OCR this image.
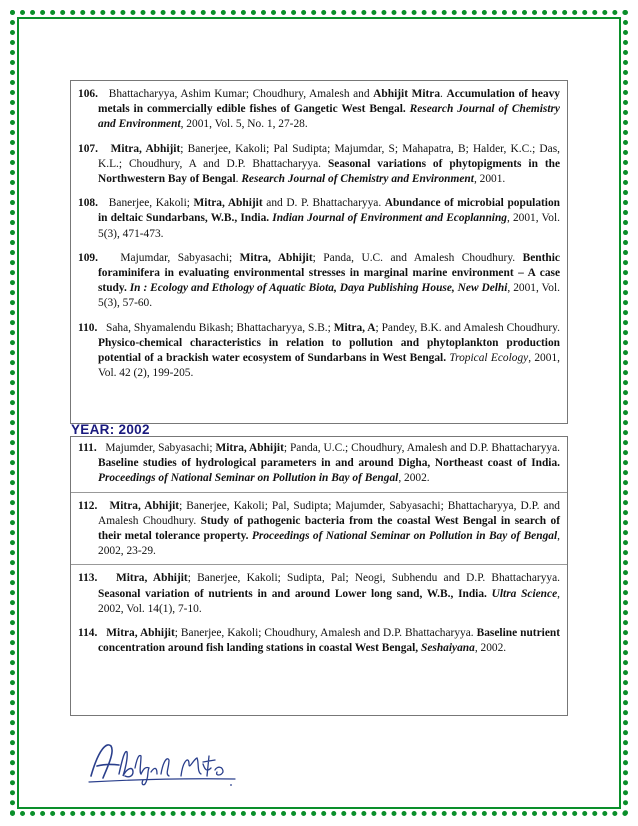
106. Bhattacharyya, Ashim Kumar; Choudhury, Amalesh and Abhijit Mitra. Accumulation of heavy metals in commercially edible fishes of Gangetic West Bengal. Research Journal of Chemistry and Environment, 2001, Vol. 5, No. 1, 27-28.
107. Mitra, Abhijit; Banerjee, Kakoli; Pal Sudipta; Majumdar, S; Mahapatra, B; Halder, K.C.; Das, K.L.; Choudhury, A and D.P. Bhattacharyya. Seasonal variations of phytopigments in the Northwestern Bay of Bengal. Research Journal of Chemistry and Environment, 2001.
108. Banerjee, Kakoli; Mitra, Abhijit and D. P. Bhattacharyya. Abundance of microbial population in deltaic Sundarbans, W.B., India. Indian Journal of Environment and Ecoplanning, 2001, Vol. 5(3), 471-473.
109. Majumdar, Sabyasachi; Mitra, Abhijit; Panda, U.C. and Amalesh Choudhury. Benthic foraminifera in evaluating environmental stresses in marginal marine environment – A case study. In : Ecology and Ethology of Aquatic Biota, Daya Publishing House, New Delhi, 2001, Vol. 5(3), 57-60.
110. Saha, Shyamalendu Bikash; Bhattacharyya, S.B.; Mitra, A; Pandey, B.K. and Amalesh Choudhury. Physico-chemical characteristics in relation to pollution and phytoplankton production potential of a brackish water ecosystem of Sundarbans in West Bengal. Tropical Ecology, 2001, Vol. 42 (2), 199-205.
YEAR: 2002
111. Majumder, Sabyasachi; Mitra, Abhijit; Panda, U.C.; Choudhury, Amalesh and D.P. Bhattacharyya. Baseline studies of hydrological parameters in and around Digha, Northeast coast of India. Proceedings of National Seminar on Pollution in Bay of Bengal, 2002.
112. Mitra, Abhijit; Banerjee, Kakoli; Pal, Sudipta; Majumder, Sabyasachi; Bhattacharyya, D.P. and Amalesh Choudhury. Study of pathogenic bacteria from the coastal West Bengal in search of their metal tolerance property. Proceedings of National Seminar on Pollution in Bay of Bengal, 2002, 23-29.
113. Mitra, Abhijit; Banerjee, Kakoli; Sudipta, Pal; Neogi, Subhendu and D.P. Bhattacharyya. Seasonal variation of nutrients in and around Lower long sand, W.B., India. Ultra Science, 2002, Vol. 14(1), 7-10.
114. Mitra, Abhijit; Banerjee, Kakoli; Choudhury, Amalesh and D.P. Bhattacharyya. Baseline nutrient concentration around fish landing stations in coastal West Bengal, Seshaiyana, 2002.
